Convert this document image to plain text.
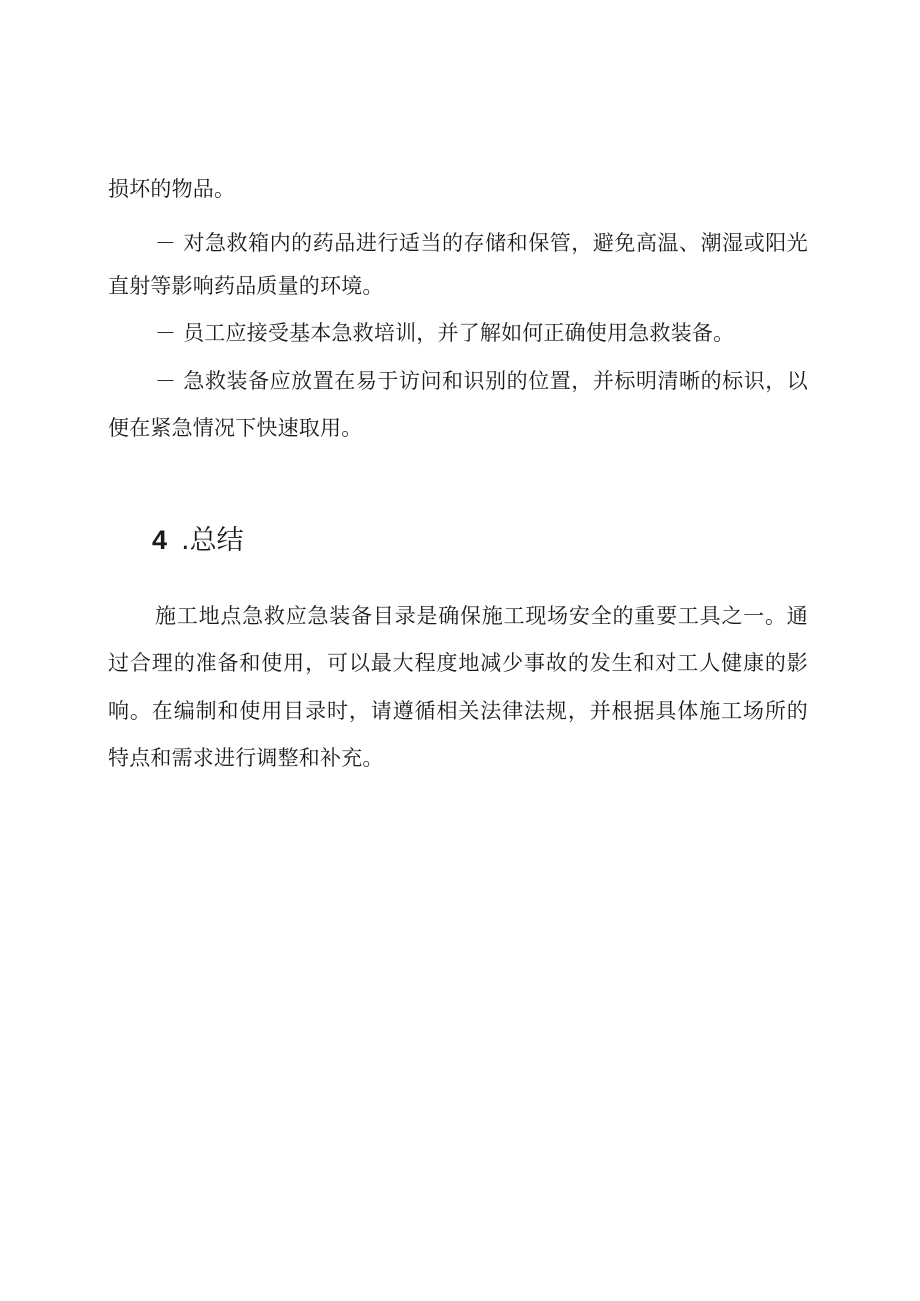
损坏的物品。
－ 对急救箱内的药品进行适当的存储和保管，避免高温、潮湿或阳光
直射等影响药品质量的环境。
－ 员工应接受基本急救培训，并了解如何正确使用急救装备。
－ 急救装备应放置在易于访问和识别的位置，并标明清晰的标识，以
便在紧急情况下快速取用。
4 .总结
施工地点急救应急装备目录是确保施工现场安全的重要工具之一。通
过合理的准备和使用，可以最大程度地减少事故的发生和对工人健康的影
响。在编制和使用目录时，请遵循相关法律法规，并根据具体施工场所的
特点和需求进行调整和补充。
